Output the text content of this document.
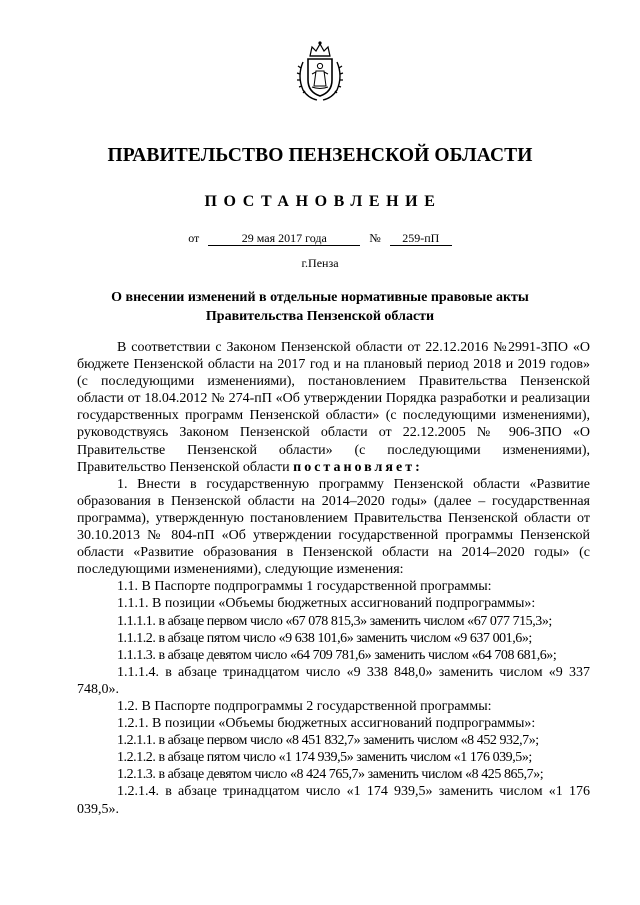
ПРАВИТЕЛЬСТВО ПЕНЗЕНСКОЙ ОБЛАСТИ
ПОСТАНОВЛЕНИЕ
от	29 мая 2017 года	№ 259-пП
г.Пенза
О внесении изменений в отдельные нормативные правовые акты
Правительства Пензенской области

В соответствии с Законом Пензенской области от 22.12.2016 №2991-ЗПО «О бюджете Пензенской области на 2017 год и на плановый период 2018 и 2019 годов» (с последующими изменениями), постановлением Правительства Пензенской области от 18.04.2012 № 274-пП «Об утверждении Порядка разработки и реализации государственных программ Пензенской области» (с последующими изменениями), руководствуясь Законом Пензенской области от 22.12.2005 № 906-ЗПО «О Правительстве Пензенской области» (с последующими изменениями), Правительство Пензенской области постановляет:

1. Внести в государственную программу Пензенской области «Развитие образования в Пензенской области на 2014–2020 годы» (далее – государственная программа), утвержденную постановлением Правительства Пензенской области от 30.10.2013 № 804-пП «Об утверждении государственной программы Пензенской области «Развитие образования в Пензенской области на 2014–2020 годы» (с последующими изменениями), следующие изменения:

1.1. В Паспорте подпрограммы 1 государственной программы:

1.1.1. В позиции «Объемы бюджетных ассигнований подпрограммы»:

1.1.1.1. в абзаце первом число «67 078 815,3» заменить числом «67 077 715,3»;

1.1.1.2. в абзаце пятом число «9 638 101,6» заменить числом «9 637 001,6»;

1.1.1.3. в абзаце девятом число «64 709 781,6» заменить числом «64 708 681,6»;

1.1.1.4. в абзаце тринадцатом число «9 338 848,0» заменить числом «9 337 748,0».

1.2. В Паспорте подпрограммы 2 государственной программы:

1.2.1. В позиции «Объемы бюджетных ассигнований подпрограммы»:

1.2.1.1. в абзаце первом число «8 451 832,7» заменить числом «8 452 932,7»;

1.2.1.2. в абзаце пятом число «1 174 939,5» заменить числом «1 176 039,5»;

1.2.1.3. в абзаце девятом число «8 424 765,7» заменить числом «8 425 865,7»;

1.2.1.4. в абзаце тринадцатом число «1 174 939,5» заменить числом «1 176 039,5».
